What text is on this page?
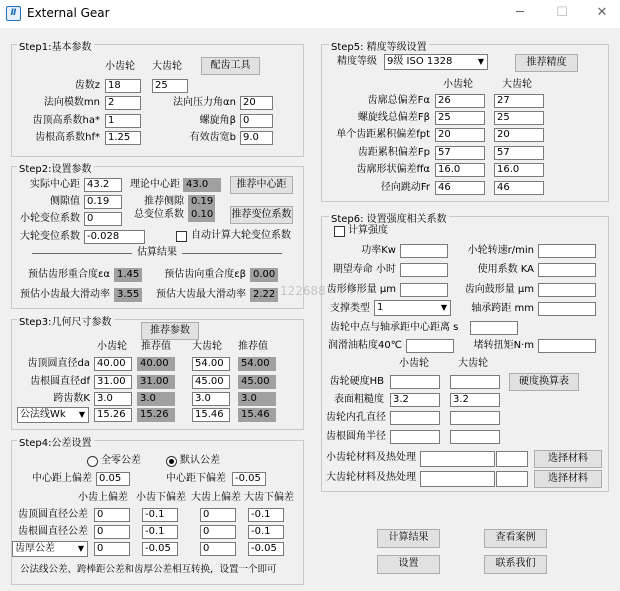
Ⅱ External Gear	─	☐	✕
Step1:基本参数
小齿轮 大齿轮	配齿工具
齿数z 18	25
法向模数mn 2	法向压力角αn 20
齿顶高系数ha* 1	螺旋角β 0
齿根高系数hf* 1.25	有效齿宽b 9.0
Step2:设置参数
实际中心距 43.2	理论中心距 43.0	推荐中心距
侧隙值 0.19	推荐侧隙 0.19
小轮变位系数 0	总变位系数 0.10 推荐变位系数
大轮变位系数 -0.028	自动计算大轮变位系数
估算结果
预估齿形重合度εα 1.45	预估齿向重合度εβ 0.00
预估小齿最大滑动率 3.55	预估大齿最大滑动率 2.22
Step3:几何尺寸参数
推荐参数
小齿轮 推荐值 大齿轮 推荐值
齿顶圆直径da 40.00	40.00	54.00	54.00
齿根圆直径df 31.00	31.00	45.00	45.00
跨齿数K 3.0	3.0	3.0	3.0
公法线Wk ▼	15.26	15.26	15.46	15.46
Step4:公差设置
全零公差	默认公差
中心距上偏差 0.05	中心距下偏差 -0.05
小齿上偏差 小齿下偏差 大齿上偏差 大齿下偏差
齿顶圆直径公差 0	-0.1	0	-0.1
齿根圆直径公差 0	-0.1	0	-0.1
齿厚公差	▼	0	-0.05	0	-0.05
公法线公差、跨棒距公差和齿厚公差相互转换，设置一个即可
Step5: 精度等级设置
精度等级	9级 ISO 1328	▼	推荐精度
小齿轮	大齿轮
齿廓总偏差Fα 26	27
螺旋线总偏差Fβ 25	25
单个齿距累积偏差fpt 20	20
齿距累积偏差Fp 57	57
齿廓形状偏差ffα 16.0	16.0
径向跳动Fr 46	46
Step6: 设置强度相关系数
计算强度
功率Kw	小轮转速r/min
期望寿命 小时	使用系数 KA
齿形修形量 μm	齿向鼓形量 μm
支撑类型 1	▼	轴承跨距 mm
齿轮中点与轴承距中心距离 s
润滑油粘度40℃	堵转扭矩N·m
小齿轮	大齿轮
齿轮硬度HB	硬度换算表
表面粗糙度 3.2	3.2
齿轮内孔直径
齿根圆角半径
小齿轮材料及热处理	选择材料
大齿轮材料及热处理	选择材料
计算结果	查看案例
设置	联系我们
122688
